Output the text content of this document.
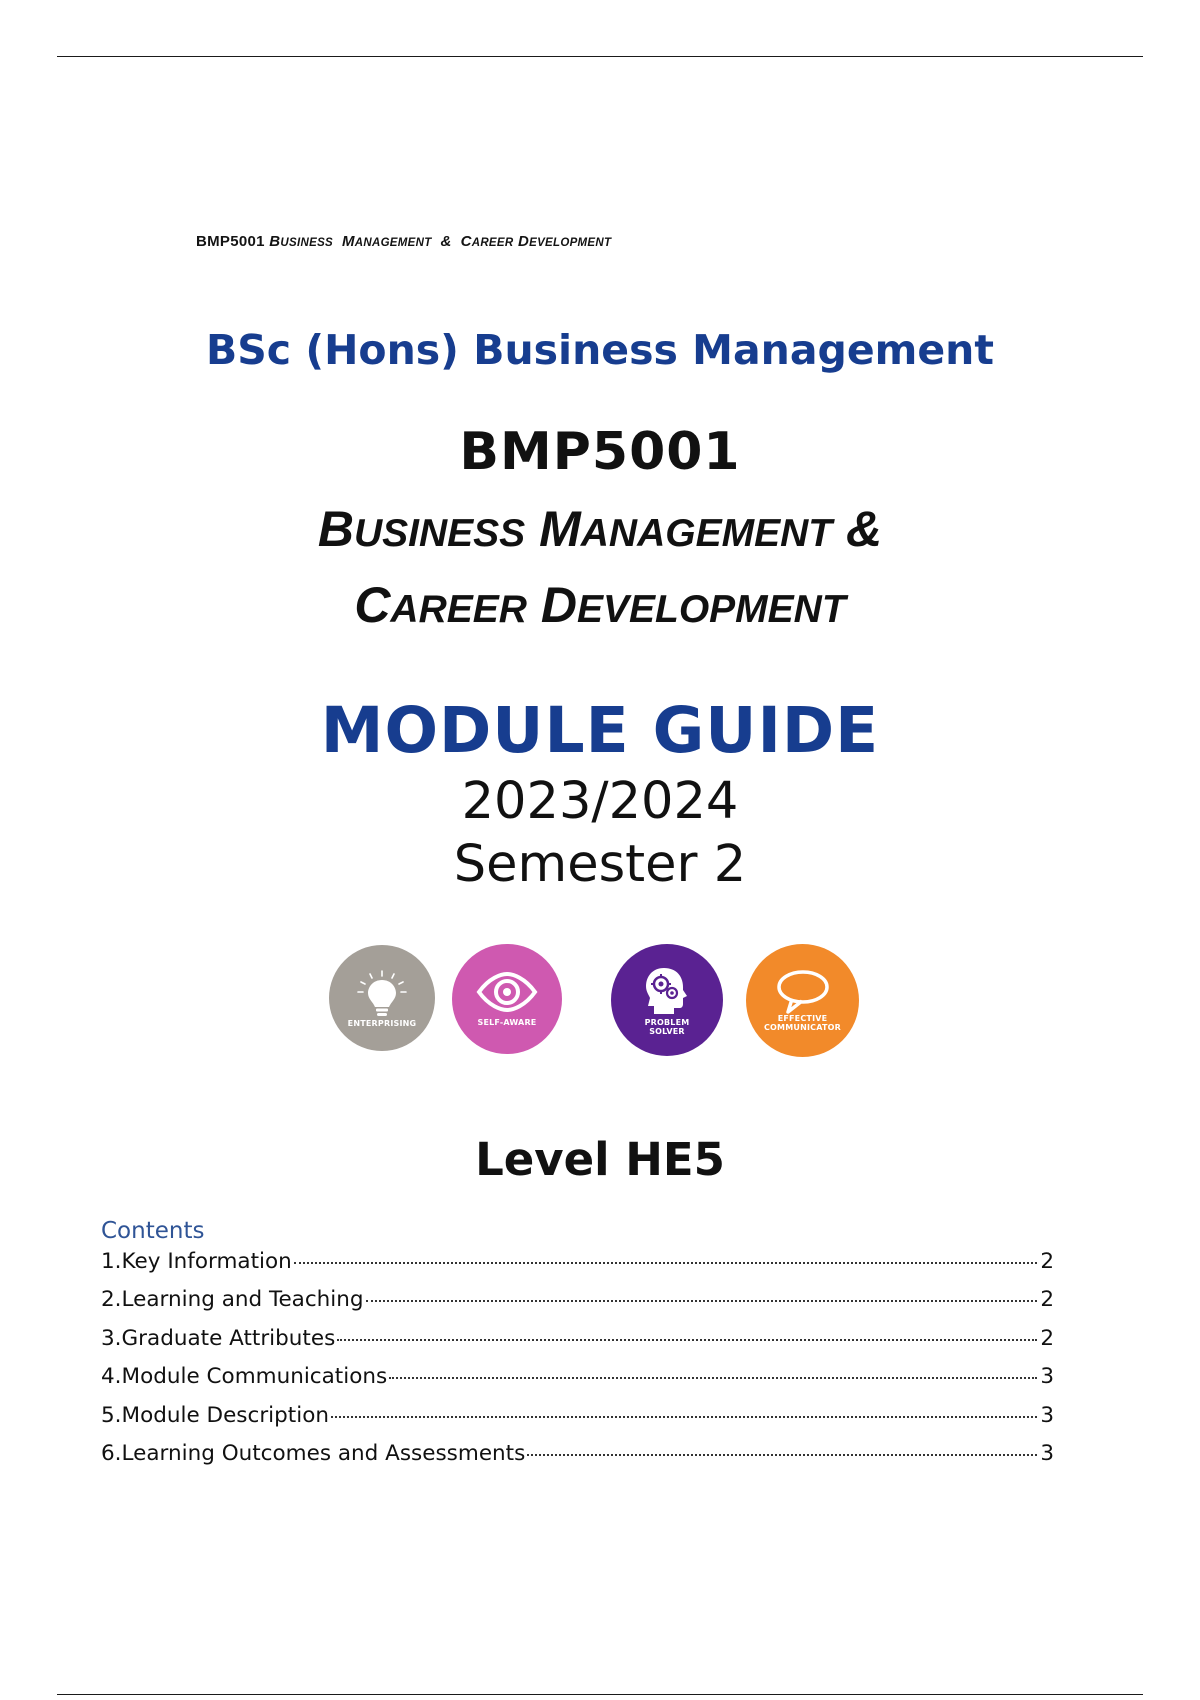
BMP5001 BUSINESS MANAGEMENT & CAREER DEVELOPMENT
BSc (Hons) Business Management
BMP5001
BUSINESS MANAGEMENT &
CAREER DEVELOPMENT
MODULE GUIDE
2023/2024
Semester 2
ENTERPRISING	SELF-AWARE	PROBLEM SOLVER
EFFECTIVE COMMUNICATOR
Level HE5
Contents
1. Key Information	2
2. Learning and Teaching	2
3. Graduate Attributes	2
4. Module Communications	3
5. Module Description	3
6. Learning Outcomes and Assessments	3
